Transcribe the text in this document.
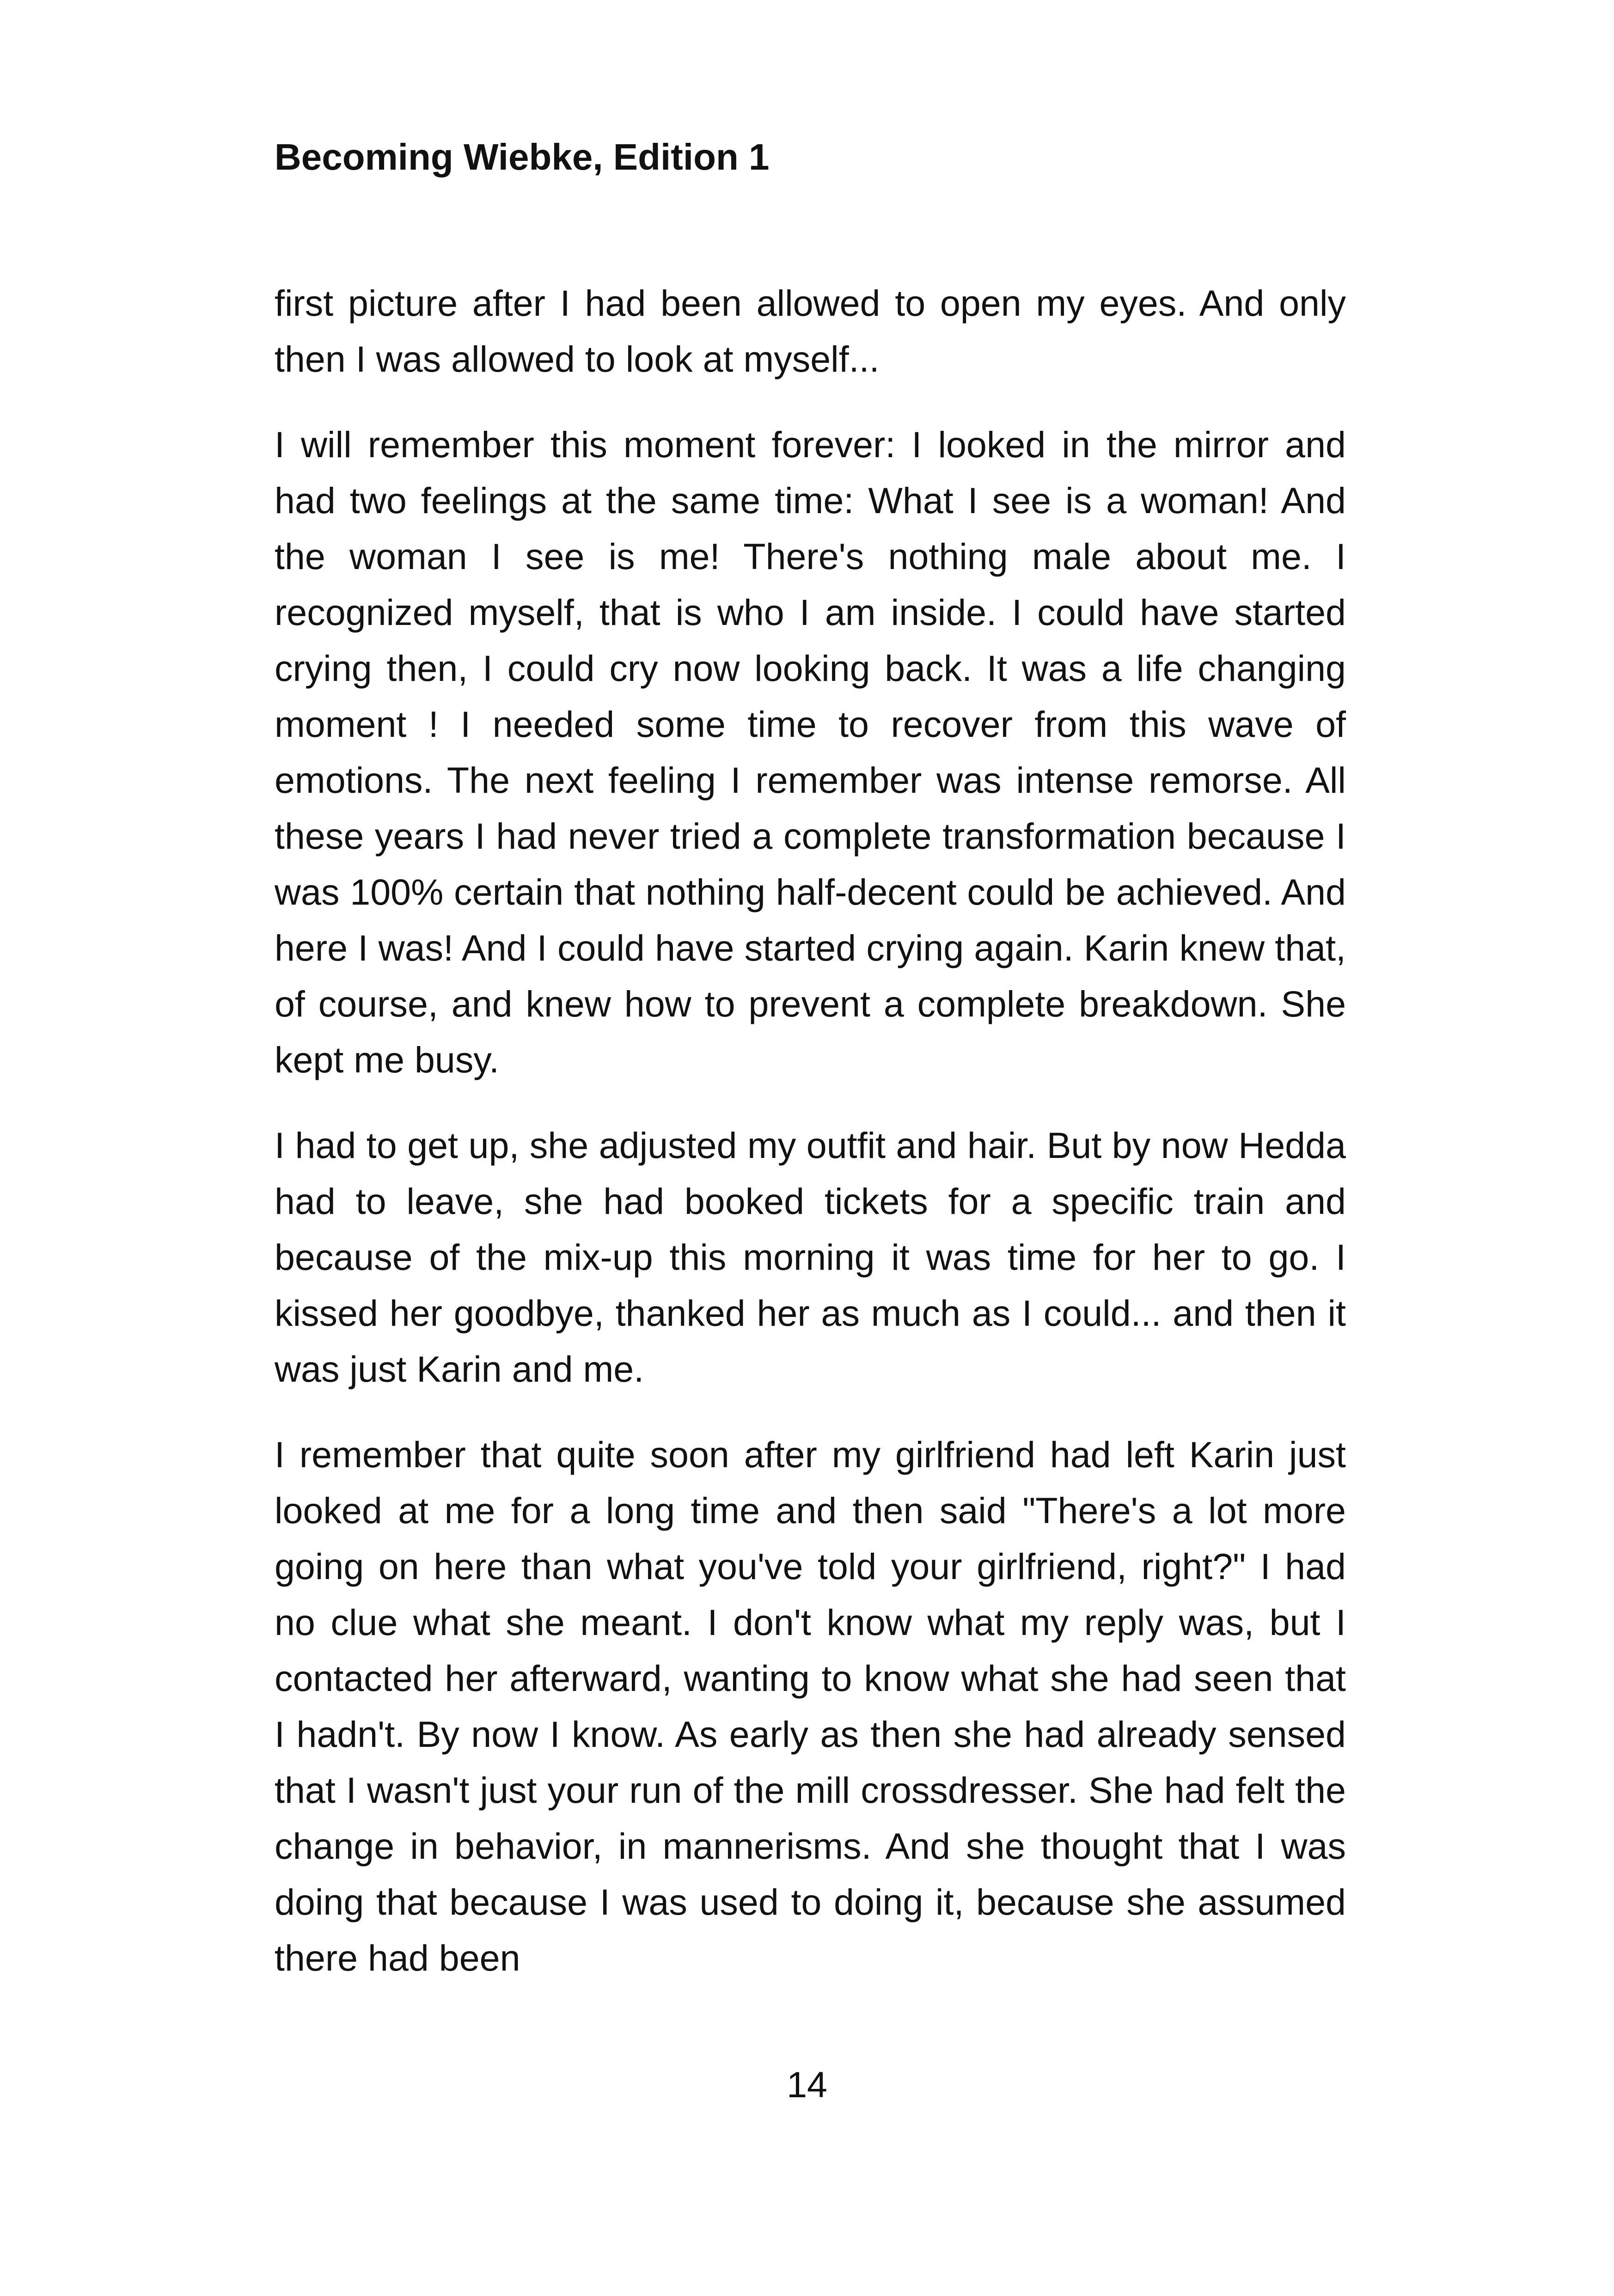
Becoming Wiebke, Edition 1

first picture after I had been allowed to open my eyes. And only then I was allowed to look at myself...

I will remember this moment forever: I looked in the mirror and had two feelings at the same time: What I see is a woman! And the woman I see is me! There's nothing male about me. I recognized myself, that is who I am inside. I could have started crying then, I could cry now looking back. It was a life changing moment ! I needed some time to recover from this wave of emotions. The next feeling I remember was intense remorse. All these years I had never tried a complete transformation because I was 100% certain that nothing half-decent could be achieved. And here I was! And I could have started crying again. Karin knew that, of course, and knew how to prevent a complete breakdown. She kept me busy.

I had to get up, she adjusted my outfit and hair. But by now Hedda had to leave, she had booked tickets for a specific train and because of the mix-up this morning it was time for her to go. I kissed her goodbye, thanked her as much as I could... and then it was just Karin and me.

I remember that quite soon after my girlfriend had left Karin just looked at me for a long time and then said "There's a lot more going on here than what you've told your girlfriend, right?" I had no clue what she meant. I don't know what my reply was, but I contacted her afterward, wanting to know what she had seen that I hadn't. By now I know. As early as then she had already sensed that I wasn't just your run of the mill crossdresser. She had felt the change in behavior, in mannerisms. And she thought that I was doing that because I was used to doing it, because she assumed there had been

14
